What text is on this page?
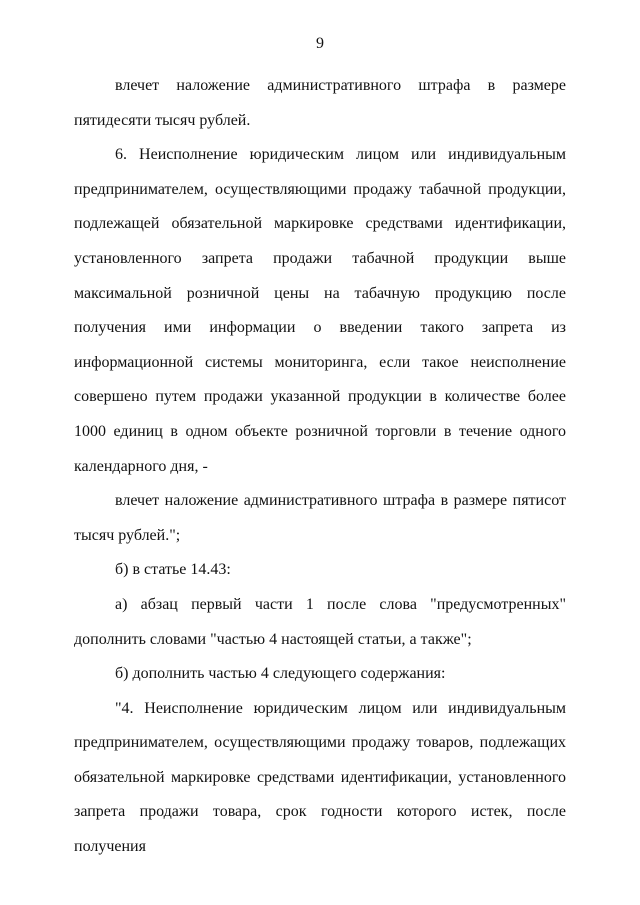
9

влечет наложение административного штрафа в размере пятидесяти тысяч рублей.

6. Неисполнение юридическим лицом или индивидуальным предпринимателем, осуществляющими продажу табачной продукции, подлежащей обязательной маркировке средствами идентификации, установленного запрета продажи табачной продукции выше максимальной розничной цены на табачную продукцию после получения ими информации о введении такого запрета из информационной системы мониторинга, если такое неисполнение совершено путем продажи указанной продукции в количестве более 1000 единиц в одном объекте розничной торговли в течение одного календарного дня, -

влечет наложение административного штрафа в размере пятисот тысяч рублей.";

б) в статье 14.43:

а) абзац первый части 1 после слова "предусмотренных" дополнить словами "частью 4 настоящей статьи, а также";

б) дополнить частью 4 следующего содержания:

"4. Неисполнение юридическим лицом или индивидуальным предпринимателем, осуществляющими продажу товаров, подлежащих обязательной маркировке средствами идентификации, установленного запрета продажи товара, срок годности которого истек, после получения
